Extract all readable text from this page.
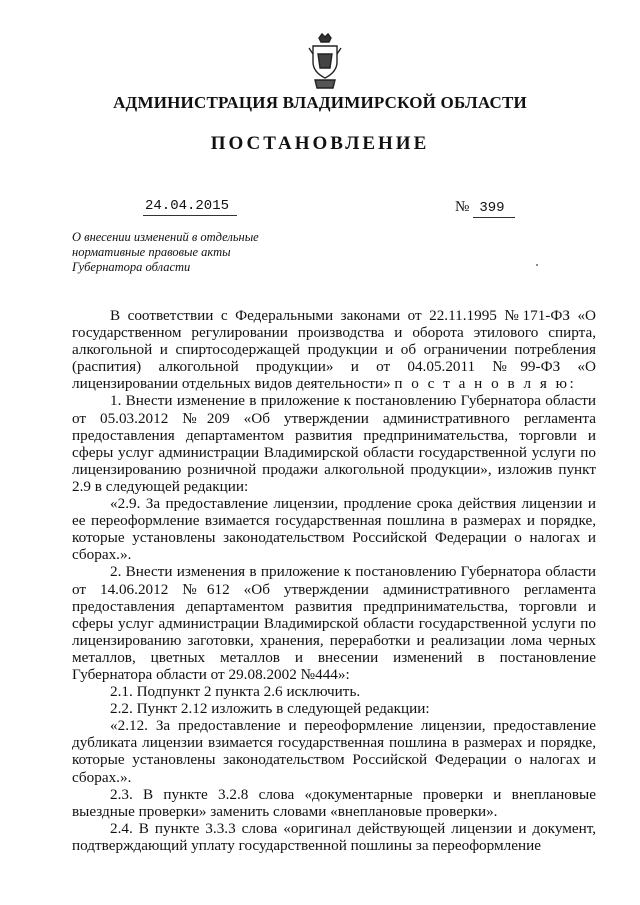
АДМИНИСТРАЦИЯ ВЛАДИМИРСКОЙ ОБЛАСТИ
ПОСТАНОВЛЕНИЕ
24.04.2015	№ 399
О внесении изменений в отдельные
нормативные правовые акты
Губернатора области

В соответствии с Федеральными законами от 22.11.1995 №171-ФЗ «О государственном регулировании производства и оборота этилового спирта, алкогольной и спиртосодержащей продукции и об ограничении потребления (распития) алкогольной продукции» и от 04.05.2011 №99-ФЗ «О лицензировании отдельных видов деятельности» п о с т а н о в л я ю:

1. Внести изменение в приложение к постановлению Губернатора области от 05.03.2012 №209 «Об утверждении административного регламента предоставления департаментом развития предпринимательства, торговли и сферы услуг администрации Владимирской области государственной услуги по лицензированию розничной продажи алкогольной продукции», изложив пункт 2.9 в следующей редакции:

«2.9. За предоставление лицензии, продление срока действия лицензии и ее переоформление взимается государственная пошлина в размерах и порядке, которые установлены законодательством Российской Федерации о налогах и сборах.».

2. Внести изменения в приложение к постановлению Губернатора области от 14.06.2012 №612 «Об утверждении административного регламента предоставления департаментом развития предпринимательства, торговли и сферы услуг администрации Владимирской области государственной услуги по лицензированию заготовки, хранения, переработки и реализации лома черных металлов, цветных металлов и внесении изменений в постановление Губернатора области от 29.08.2002 №444»:

2.1. Подпункт 2 пункта 2.6 исключить.

2.2. Пункт 2.12 изложить в следующей редакции:

«2.12. За предоставление и переоформление лицензии, предоставление дубликата лицензии взимается государственная пошлина в размерах и порядке, которые установлены законодательством Российской Федерации о налогах и сборах.».

2.3. В пункте 3.2.8 слова «документарные проверки и внеплановые выездные проверки» заменить словами «внеплановые проверки».

2.4. В пункте 3.3.3 слова «оригинал действующей лицензии и документ, подтверждающий уплату государственной пошлины за переоформление
